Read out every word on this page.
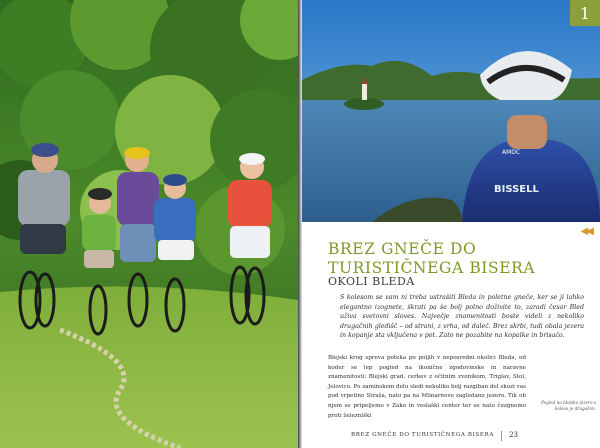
AMDC
BISSELL
1
◀◀
BREZ GNEČE DO
TURISTIČNEGA BISERA
OKOLI BLEDA
S kolesom se vam ni treba ustrašiti Bleda in poletne gneče, ker se ji lahko elegantno izognete, škrati pa še bolj polno doživite to, zaradi česar Bled uživa svetovni sloves. Največje znamenitosti boste videli z nekoliko drugačnih gledišč – od strani, z vrha, od daleč. Brez skrbi, tudi obala jezera in kopanje sta vključena v pot. Zato ne pozabite na kopalke in brisačo.
Blejski krog spreva poteka po poljih v neposredni okolici Bleda, od koder se lep pogled na ikonične zgodovinske in naravne znamenitosti: Blejski grad, cerkev z očitnim zvonikom, Triglav, Stol, Jelovico. Po zaminskem delu sledi nekoliko bolj razgiban del skozi vas pod vrpetino Straža, nato pa na Mlinarnovo zagledano jezero. Tik ob njem se pripeljemo v Zako in veslaški center ter se nato čezgnemo proti železniški
Pogled na blejsko jezero s kolesa je drugačen.
BREZ GNEČE DO TURISTIČNEGA BISERA 23
